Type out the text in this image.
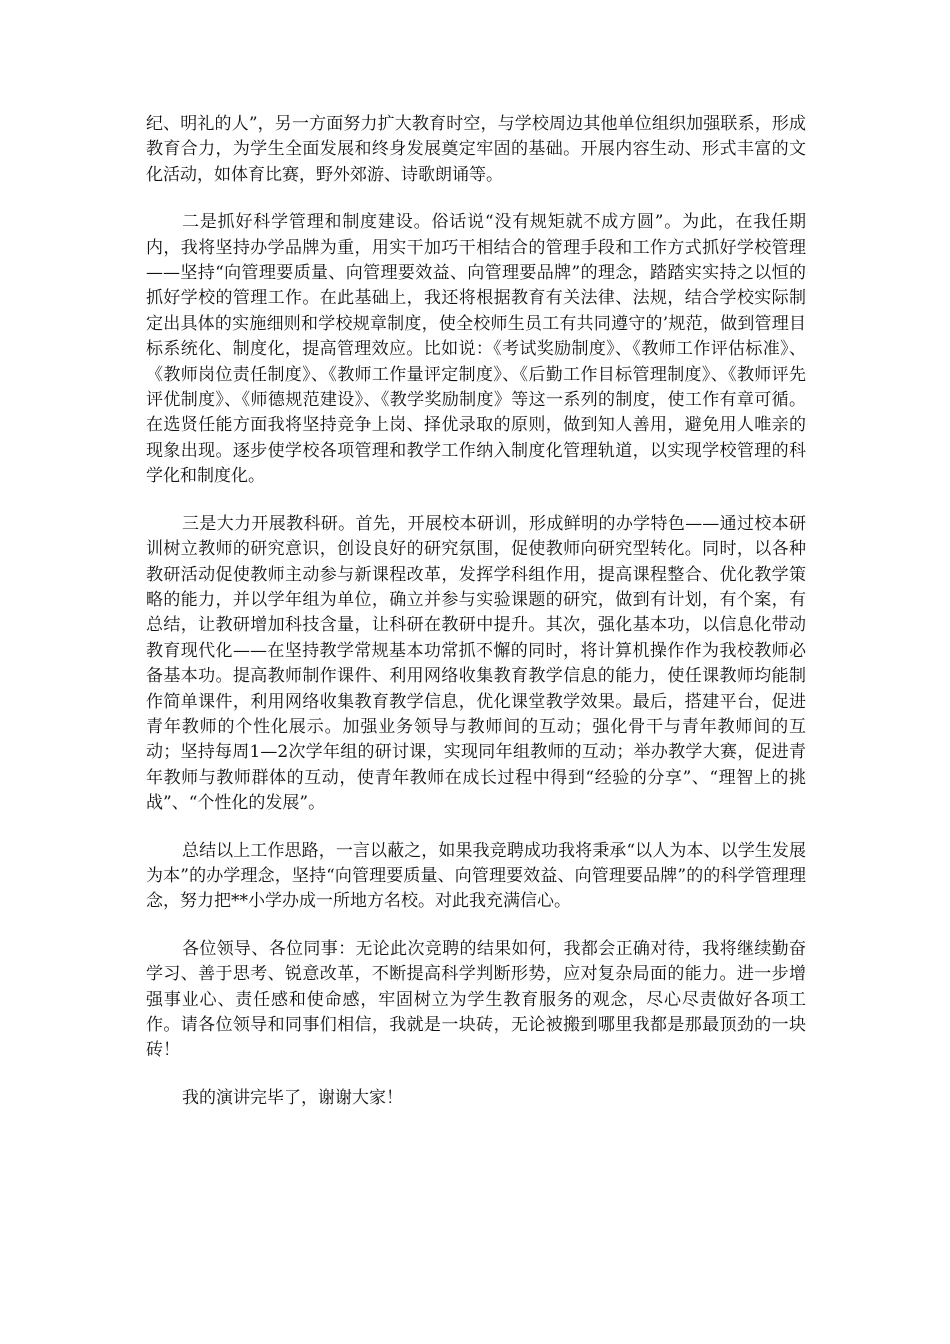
纪、明礼的人”，另一方面努力扩大教育时空，与学校周边其他单位组织加强联系，形成教育合力，为学生全面发展和终身发展奠定牢固的基础。开展内容生动、形式丰富的文化活动，如体育比赛，野外郊游、诗歌朗诵等。

二是抓好科学管理和制度建设。俗话说“没有规矩就不成方圆”。为此，在我任期内，我将坚持办学品牌为重，用实干加巧干相结合的管理手段和工作方式抓好学校管理——坚持“向管理要质量、向管理要效益、向管理要品牌”的理念，踏踏实实持之以恒的抓好学校的管理工作。在此基础上，我还将根据教育有关法律、法规，结合学校实际制定出具体的实施细则和学校规章制度，使全校师生员工有共同遵守的’规范，做到管理目标系统化、制度化，提高管理效应。比如说：《考试奖励制度》、《教师工作评估标准》、《教师岗位责任制度》、《教师工作量评定制度》、《后勤工作目标管理制度》、《教师评先评优制度》、《师德规范建设》、《教学奖励制度》等这一系列的制度，使工作有章可循。在选贤任能方面我将坚持竞争上岗、择优录取的原则，做到知人善用，避免用人唯亲的现象出现。逐步使学校各项管理和教学工作纳入制度化管理轨道，以实现学校管理的科学化和制度化。

三是大力开展教科研。首先，开展校本研训，形成鲜明的办学特色——通过校本研训树立教师的研究意识，创设良好的研究氛围，促使教师向研究型转化。同时，以各种教研活动促使教师主动参与新课程改革，发挥学科组作用，提高课程整合、优化教学策略的能力，并以学年组为单位，确立并参与实验课题的研究，做到有计划，有个案，有总结，让教研增加科技含量，让科研在教研中提升。其次，强化基本功，以信息化带动教育现代化——在坚持教学常规基本功常抓不懈的同时，将计算机操作作为我校教师必备基本功。提高教师制作课件、利用网络收集教育教学信息的能力，使任课教师均能制作简单课件，利用网络收集教育教学信息，优化课堂教学效果。最后，搭建平台，促进青年教师的个性化展示。加强业务领导与教师间的互动；强化骨干与青年教师间的互动；坚持每周1—2次学年组的研讨课，实现同年组教师的互动；举办教学大赛，促进青年教师与教师群体的互动，使青年教师在成长过程中得到“经验的分享”、“理智上的挑战”、“个性化的发展”。

总结以上工作思路，一言以蔽之，如果我竞聘成功我将秉承“以人为本、以学生发展为本”的办学理念，坚持“向管理要质量、向管理要效益、向管理要品牌”的的科学管理理念，努力把**小学办成一所地方名校。对此我充满信心。

各位领导、各位同事：无论此次竞聘的结果如何，我都会正确对待，我将继续勤奋学习、善于思考、锐意改革，不断提高科学判断形势，应对复杂局面的能力。进一步增强事业心、责任感和使命感，牢固树立为学生教育服务的观念，尽心尽责做好各项工作。请各位领导和同事们相信，我就是一块砖，无论被搬到哪里我都是那最顶劲的一块砖！

我的演讲完毕了，谢谢大家！
